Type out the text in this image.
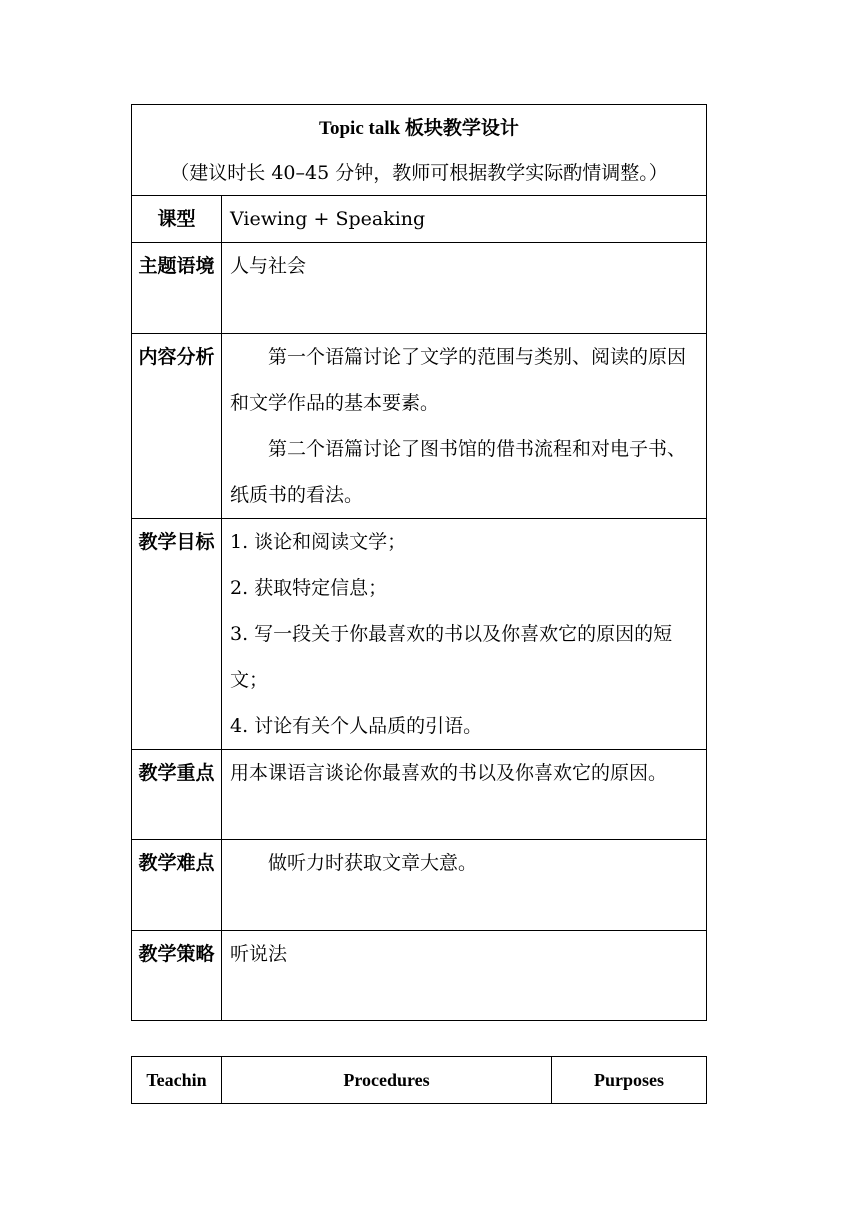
Topic talk 板块教学设计
（建议时长 40–45 分钟，教师可根据教学实际酌情调整。）	

课型	Viewing + Speaking
主题语境	人与社会
内容分析	第一个语篇讨论了文学的范围与类别、阅读的原因和文学作品的基本要素。
第二个语篇讨论了图书馆的借书流程和对电子书、纸质书的看法。

教学目标	1. 谈论和阅读文学；
2. 获取特定信息；
3. 写一段关于你最喜欢的书以及你喜欢它的原因的短文；
4. 讨论有关个人品质的引语。

教学重点	用本课语言谈论你最喜欢的书以及你喜欢它的原因。
教学难点	做听力时获取文章大意。
教学策略	听说法
Teachin	Procedures	Purposes
